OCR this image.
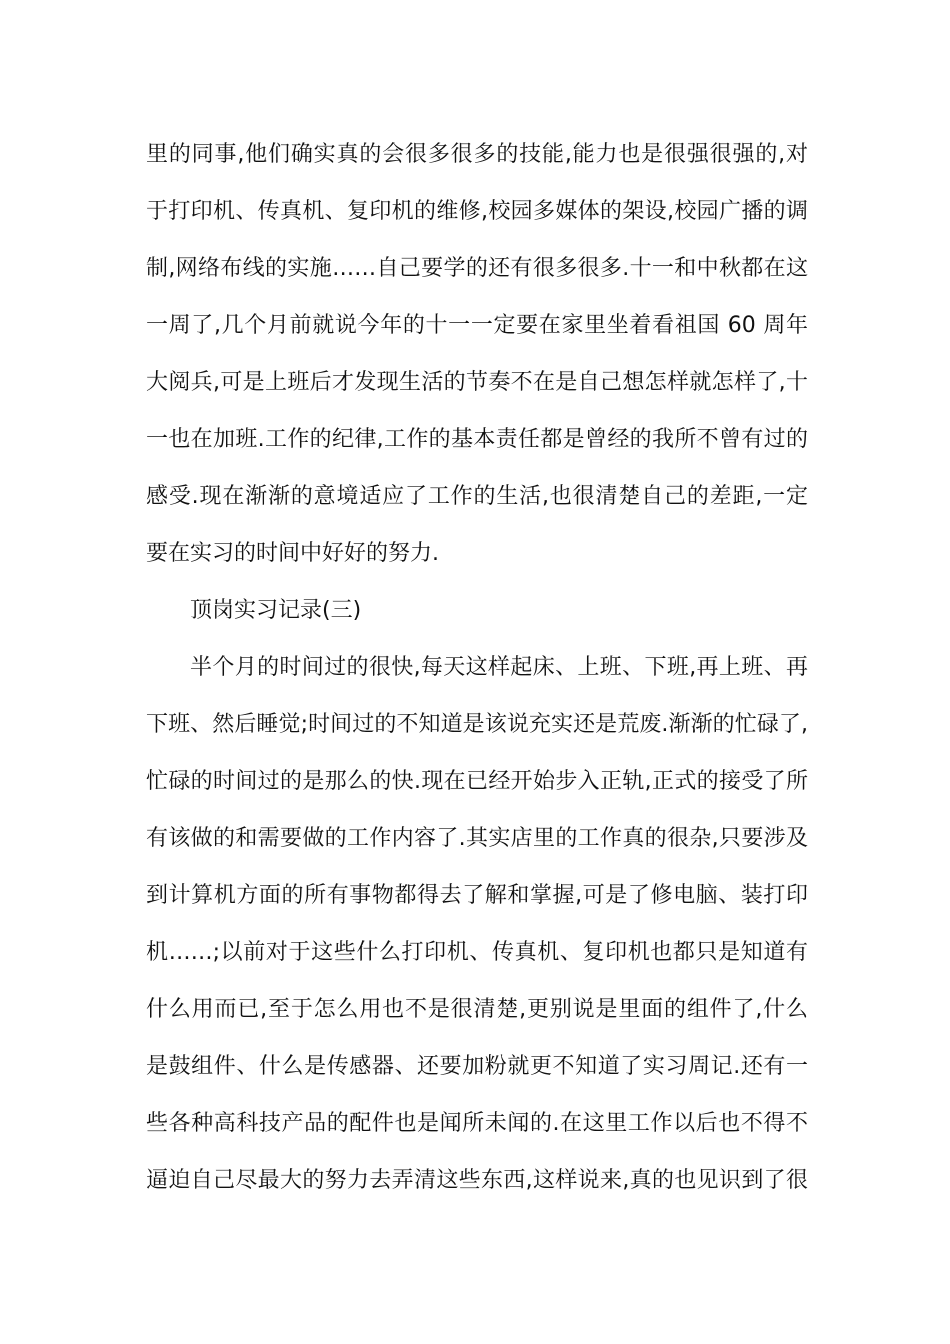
里的同事,他们确实真的会很多很多的技能,能力也是很强很强的,对
于打印机、传真机、复印机的维修,校园多媒体的架设,校园广播的调
制,网络布线的实施……自己要学的还有很多很多.十一和中秋都在这
一周了,几个月前就说今年的十一一定要在家里坐着看祖国 60 周年
大阅兵,可是上班后才发现生活的节奏不在是自己想怎样就怎样了,十
一也在加班.工作的纪律,工作的基本责任都是曾经的我所不曾有过的
感受.现在渐渐的意境适应了工作的生活,也很清楚自己的差距,一定
要在实习的时间中好好的努力.
顶岗实习记录(三)
半个月的时间过的很快,每天这样起床、上班、下班,再上班、再
下班、然后睡觉;时间过的不知道是该说充实还是荒废.渐渐的忙碌了,
忙碌的时间过的是那么的快.现在已经开始步入正轨,正式的接受了所
有该做的和需要做的工作内容了.其实店里的工作真的很杂,只要涉及
到计算机方面的所有事物都得去了解和掌握,可是了修电脑、装打印
机……;以前对于这些什么打印机、传真机、复印机也都只是知道有
什么用而已,至于怎么用也不是很清楚,更别说是里面的组件了,什么
是鼓组件、什么是传感器、还要加粉就更不知道了实习周记.还有一
些各种高科技产品的配件也是闻所未闻的.在这里工作以后也不得不
逼迫自己尽最大的努力去弄清这些东西,这样说来,真的也见识到了很
